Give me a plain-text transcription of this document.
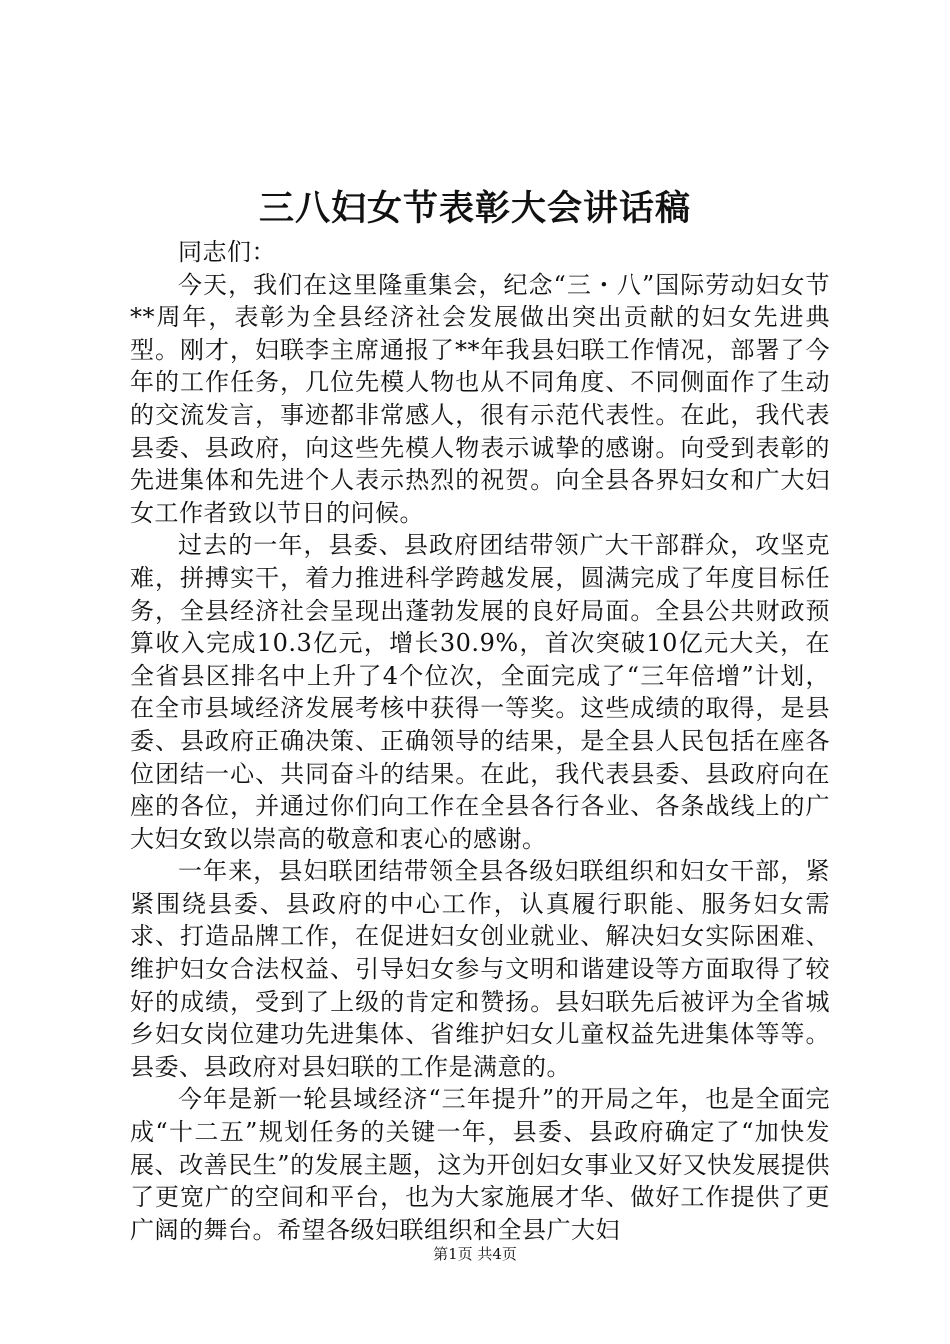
三八妇女节表彰大会讲话稿

同志们：

今天，我们在这里隆重集会，纪念“三・八”国际劳动妇女节**周年，表彰为全县经济社会发展做出突出贡献的妇女先进典型。刚才，妇联李主席通报了**年我县妇联工作情况，部署了今年的工作任务，几位先模人物也从不同角度、不同侧面作了生动的交流发言，事迹都非常感人，很有示范代表性。在此，我代表县委、县政府，向这些先模人物表示诚挚的感谢。向受到表彰的先进集体和先进个人表示热烈的祝贺。向全县各界妇女和广大妇女工作者致以节日的问候。

过去的一年，县委、县政府团结带领广大干部群众，攻坚克难，拼搏实干，着力推进科学跨越发展，圆满完成了年度目标任务，全县经济社会呈现出蓬勃发展的良好局面。全县公共财政预算收入完成10.3亿元，增长30.9%，首次突破10亿元大关，在全省县区排名中上升了4个位次，全面完成了“三年倍增”计划，在全市县域经济发展考核中获得一等奖。这些成绩的取得，是县委、县政府正确决策、正确领导的结果，是全县人民包括在座各位团结一心、共同奋斗的结果。在此，我代表县委、县政府向在座的各位，并通过你们向工作在全县各行各业、各条战线上的广大妇女致以崇高的敬意和衷心的感谢。

一年来，县妇联团结带领全县各级妇联组织和妇女干部，紧紧围绕县委、县政府的中心工作，认真履行职能、服务妇女需求、打造品牌工作，在促进妇女创业就业、解决妇女实际困难、维护妇女合法权益、引导妇女参与文明和谐建设等方面取得了较好的成绩，受到了上级的肯定和赞扬。县妇联先后被评为全省城乡妇女岗位建功先进集体、省维护妇女儿童权益先进集体等等。县委、县政府对县妇联的工作是满意的。

今年是新一轮县域经济“三年提升”的开局之年，也是全面完成“十二五”规划任务的关键一年，县委、县政府确定了“加快发展、改善民生”的发展主题，这为开创妇女事业又好又快发展提供了更宽广的空间和平台，也为大家施展才华、做好工作提供了更广阔的舞台。希望各级妇联组织和全县广大妇

第1页 共4页
